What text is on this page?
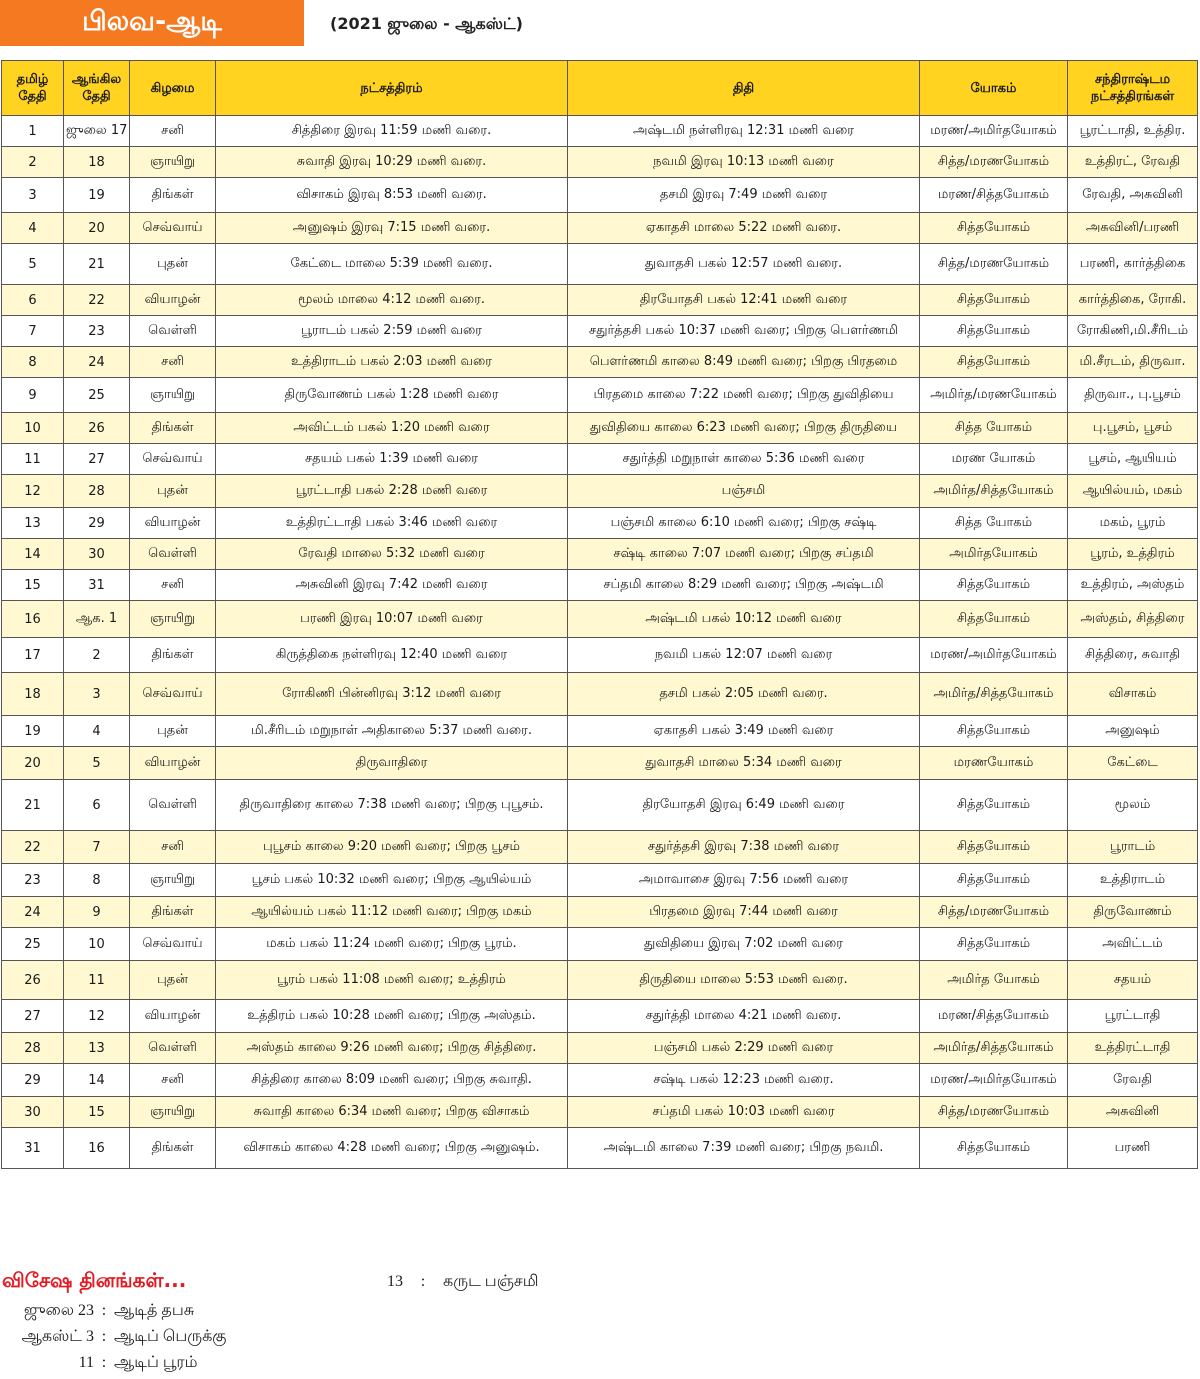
பிலவ-ஆடி	(2021 ஜுலை - ஆகஸ்ட்)
தமிழ் தேதி	ஆங்கில தேதி	கிழமை	நட்சத்திரம்	திதி	யோகம்	சந்திராஷ்டம நட்சத்திரங்கள்
1	ஜுலை 17	சனி	சித்திரை இரவு 11:59 மணி வரை.	அஷ்டமி நள்ளிரவு 12:31 மணி வரை	மரண/அமிர்தயோகம்	பூரட்டாதி, உத்திர.
2	18	ஞாயிறு	சுவாதி இரவு 10:29 மணி வரை.	நவமி இரவு 10:13 மணி வரை	சித்த/மரணயோகம்	உத்திரட், ரேவதி
3	19	திங்கள்	விசாகம் இரவு 8:53 மணி வரை.	தசமி இரவு 7:49 மணி வரை	மரண/சித்தயோகம்	ரேவதி, அசுவினி
4	20	செவ்வாய்	அனுஷம் இரவு 7:15 மணி வரை.	ஏகாதசி மாலை 5:22 மணி வரை.	சித்தயோகம்	அசுவினி/பரணி
5	21	புதன்	கேட்டை மாலை 5:39 மணி வரை.	துவாதசி பகல் 12:57 மணி வரை.	சித்த/மரணயோகம்	பரணி, கார்த்திகை
6	22	வியாழன்	மூலம் மாலை 4:12 மணி வரை.	திரயோதசி பகல் 12:41 மணி வரை	சித்தயோகம்	கார்த்திகை, ரோகி.
7	23	வெள்ளி	பூராடம் பகல் 2:59 மணி வரை	சதுர்த்தசி பகல் 10:37 மணி வரை; பிறகு பௌர்ணமி	சித்தயோகம்	ரோகிணி,மி.சீரிடம்
8	24	சனி	உத்திராடம் பகல் 2:03 மணி வரை	பௌர்ணமி காலை 8:49 மணி வரை; பிறகு பிரதமை	சித்தயோகம்	மி.சீரடம், திருவா.
9	25	ஞாயிறு	திருவோணம் பகல் 1:28 மணி வரை	பிரதமை காலை 7:22 மணி வரை; பிறகு துவிதியை	அமிர்த/மரணயோகம்	திருவா., பு.பூசம்
10	26	திங்கள்	அவிட்டம் பகல் 1:20 மணி வரை	துவிதியை காலை 6:23 மணி வரை; பிறகு திருதியை	சித்த யோகம்	பு.பூசம், பூசம்
11	27	செவ்வாய்	சதயம் பகல் 1:39 மணி வரை	சதுர்த்தி மறுநாள் காலை 5:36 மணி வரை	மரண யோகம்	பூசம், ஆயியம்
12	28	புதன்	பூரட்டாதி பகல் 2:28 மணி வரை	பஞ்சமி	அமிர்த/சித்தயோகம்	ஆயில்யம், மகம்
13	29	வியாழன்	உத்திரட்டாதி பகல் 3:46 மணி வரை	பஞ்சமி காலை 6:10 மணி வரை; பிறகு சஷ்டி	சித்த யோகம்	மகம், பூரம்
14	30	வெள்ளி	ரேவதி மாலை 5:32 மணி வரை	சஷ்டி காலை 7:07 மணி வரை; பிறகு சப்தமி	அமிர்தயோகம்	பூரம், உத்திரம்
15	31	சனி	அசுவினி இரவு 7:42 மணி வரை	சப்தமி காலை 8:29 மணி வரை; பிறகு அஷ்டமி	சித்தயோகம்	உத்திரம், அஸ்தம்
16	ஆக. 1	ஞாயிறு	பரணி இரவு 10:07 மணி வரை	அஷ்டமி பகல் 10:12 மணி வரை	சித்தயோகம்	அஸ்தம், சித்திரை
17	2	திங்கள்	கிருத்திகை நள்ளிரவு 12:40 மணி வரை	நவமி பகல் 12:07 மணி வரை	மரண/அமிர்தயோகம்	சித்திரை, சுவாதி
18	3	செவ்வாய்	ரோகிணி பின்னிரவு 3:12 மணி வரை	தசமி பகல் 2:05 மணி வரை.	அமிர்த/சித்தயோகம்	விசாகம்
19	4	புதன்	மி.சீரிடம் மறுநாள் அதிகாலை 5:37 மணி வரை.	ஏகாதசி பகல் 3:49 மணி வரை	சித்தயோகம்	அனுஷம்
20	5	வியாழன்	திருவாதிரை	துவாதசி மாலை 5:34 மணி வரை	மரணயோகம்	கேட்டை
21	6	வெள்ளி	திருவாதிரை காலை 7:38 மணி வரை; பிறகு புபூசம்.	திரயோதசி இரவு 6:49 மணி வரை	சித்தயோகம்	மூலம்
22	7	சனி	புபூசம் காலை 9:20 மணி வரை; பிறகு பூசம்	சதுர்த்தசி இரவு 7:38 மணி வரை	சித்தயோகம்	பூராடம்
23	8	ஞாயிறு	பூசம் பகல் 10:32 மணி வரை; பிறகு ஆயில்யம்	அமாவாசை இரவு 7:56 மணி வரை	சித்தயோகம்	உத்திராடம்
24	9	திங்கள்	ஆயில்யம் பகல் 11:12 மணி வரை; பிறகு மகம்	பிரதமை இரவு 7:44 மணி வரை	சித்த/மரணயோகம்	திருவோணம்
25	10	செவ்வாய்	மகம் பகல் 11:24 மணி வரை; பிறகு பூரம்.	துவிதியை இரவு 7:02 மணி வரை	சித்தயோகம்	அவிட்டம்
26	11	புதன்	பூரம் பகல் 11:08 மணி வரை; உத்திரம்	திருதியை மாலை 5:53 மணி வரை.	அமிர்த யோகம்	சதயம்
27	12	வியாழன்	உத்திரம் பகல் 10:28 மணி வரை; பிறகு அஸ்தம்.	சதுர்த்தி மாலை 4:21 மணி வரை.	மரண/சித்தயோகம்	பூரட்டாதி
28	13	வெள்ளி	அஸ்தம் காலை 9:26 மணி வரை; பிறகு சித்திரை.	பஞ்சமி பகல் 2:29 மணி வரை	அமிர்த/சித்தயோகம்	உத்திரட்டாதி
29	14	சனி	சித்திரை காலை 8:09 மணி வரை; பிறகு சுவாதி.	சஷ்டி பகல் 12:23 மணி வரை.	மரண/அமிர்தயோகம்	ரேவதி
30	15	ஞாயிறு	சுவாதி காலை 6:34 மணி வரை; பிறகு விசாகம்	சப்தமி பகல் 10:03 மணி வரை	சித்த/மரணயோகம்	அசுவினி
31	16	திங்கள்	விசாகம் காலை 4:28 மணி வரை; பிறகு அனுஷம்.	அஷ்டமி காலை 7:39 மணி வரை; பிறகு நவமி.	சித்தயோகம்	பரணி
விசேஷ தினங்கள்...
ஜுலை 23 : ஆடித் தபசு
ஆகஸ்ட் 3 : ஆடிப் பெருக்கு
11 : ஆடிப் பூரம்
13 : கருட பஞ்சமி
